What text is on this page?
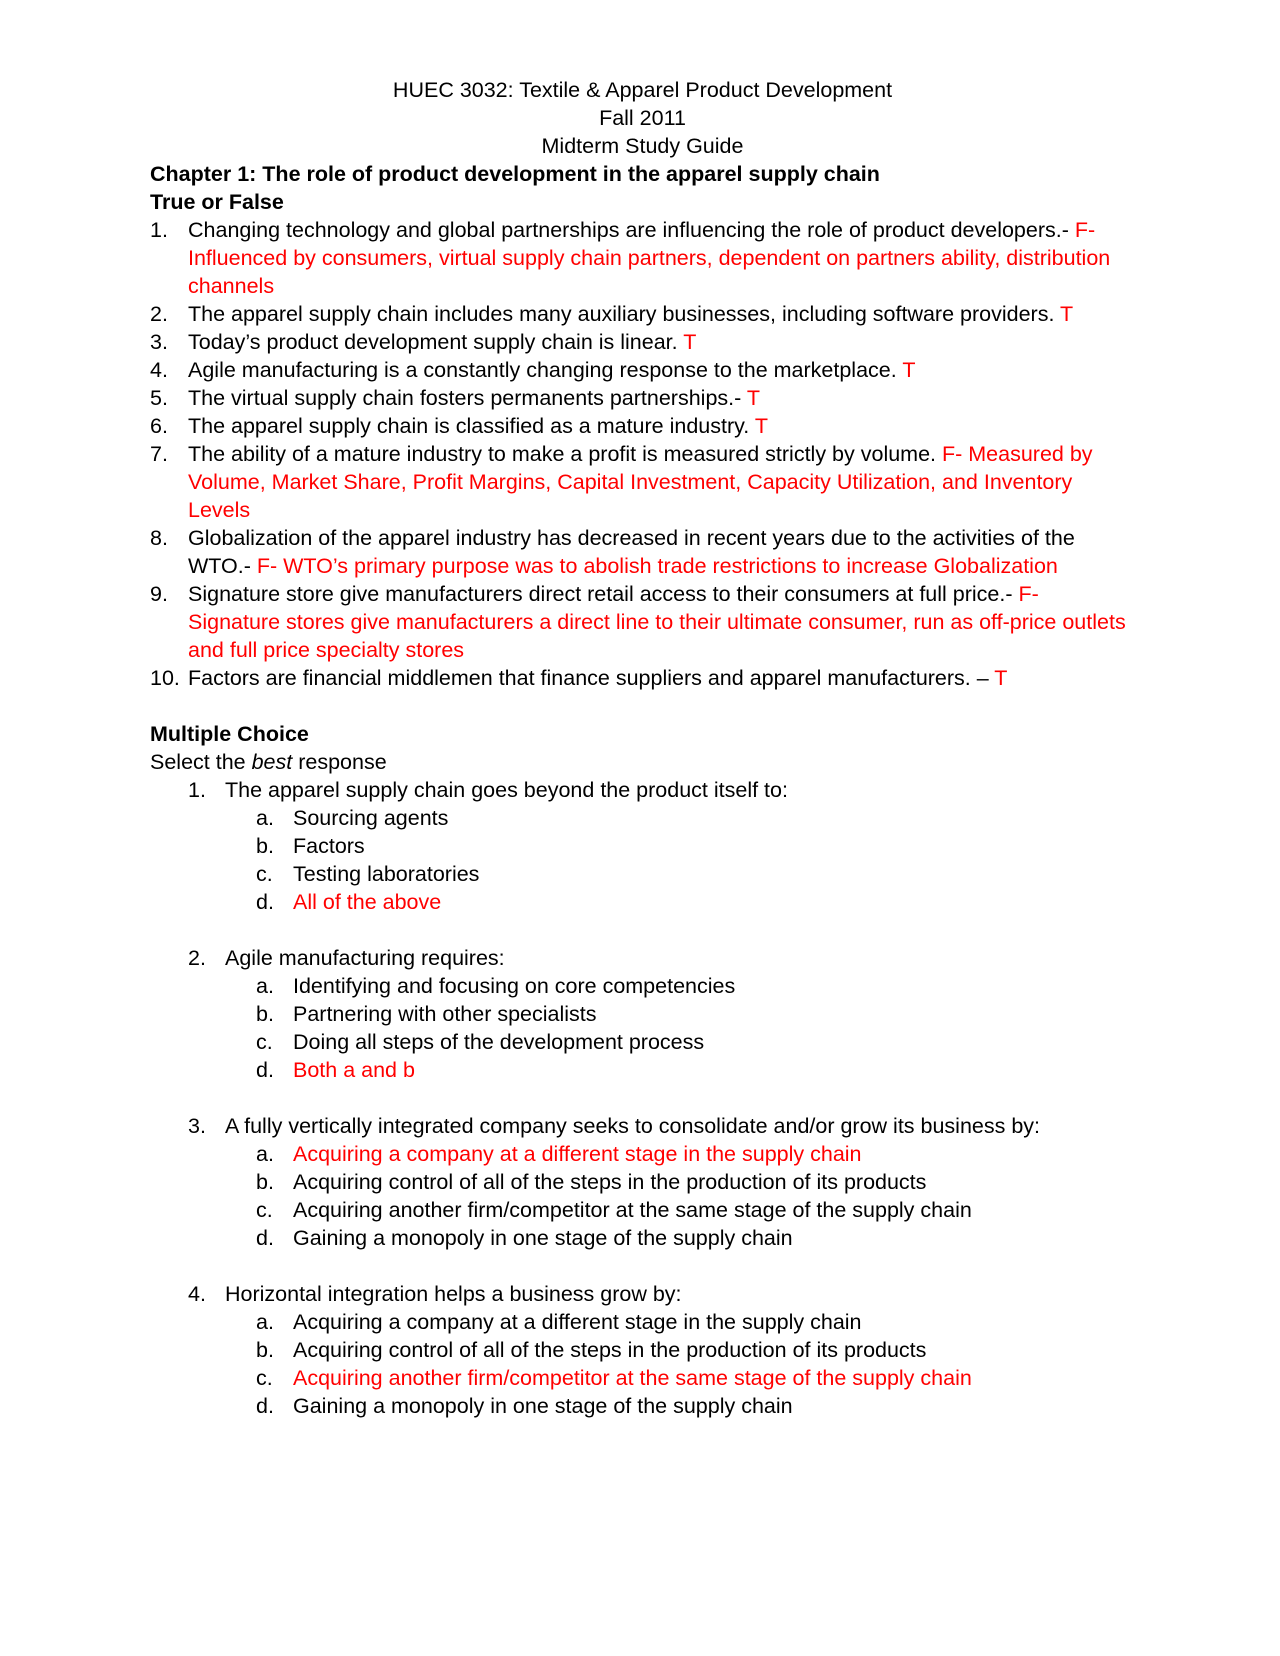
HUEC 3032: Textile & Apparel Product Development

Fall 2011

Midterm Study Guide

Chapter 1: The role of product development in the apparel supply chain

True or False

1. Changing technology and global partnerships are influencing the role of product developers.- F- Influenced by consumers, virtual supply chain partners, dependent on partners ability, distribution channels
2. The apparel supply chain includes many auxiliary businesses, including software providers. T
3. Today’s product development supply chain is linear. T
4. Agile manufacturing is a constantly changing response to the marketplace. T
5. The virtual supply chain fosters permanents partnerships.- T
6. The apparel supply chain is classified as a mature industry. T
7. The ability of a mature industry to make a profit is measured strictly by volume. F- Measured by Volume, Market Share, Profit Margins, Capital Investment, Capacity Utilization, and Inventory Levels
8. Globalization of the apparel industry has decreased in recent years due to the activities of the WTO.- F- WTO’s primary purpose was to abolish trade restrictions to increase Globalization
9. Signature store give manufacturers direct retail access to their consumers at full price.- F- Signature stores give manufacturers a direct line to their ultimate consumer, run as off-price outlets and full price specialty stores
10. Factors are financial middlemen that finance suppliers and apparel manufacturers. – T

Multiple Choice

Select the best response

1. The apparel supply chain goes beyond the product itself to:
a. Sourcing agents
b. Factors
c. Testing laboratories
d. All of the above
2. Agile manufacturing requires:
a. Identifying and focusing on core competencies
b. Partnering with other specialists
c. Doing all steps of the development process
d. Both a and b
3. A fully vertically integrated company seeks to consolidate and/or grow its business by:
a. Acquiring a company at a different stage in the supply chain
b. Acquiring control of all of the steps in the production of its products
c. Acquiring another firm/competitor at the same stage of the supply chain
d. Gaining a monopoly in one stage of the supply chain
4. Horizontal integration helps a business grow by:
a. Acquiring a company at a different stage in the supply chain
b. Acquiring control of all of the steps in the production of its products
c. Acquiring another firm/competitor at the same stage of the supply chain
d. Gaining a monopoly in one stage of the supply chain
